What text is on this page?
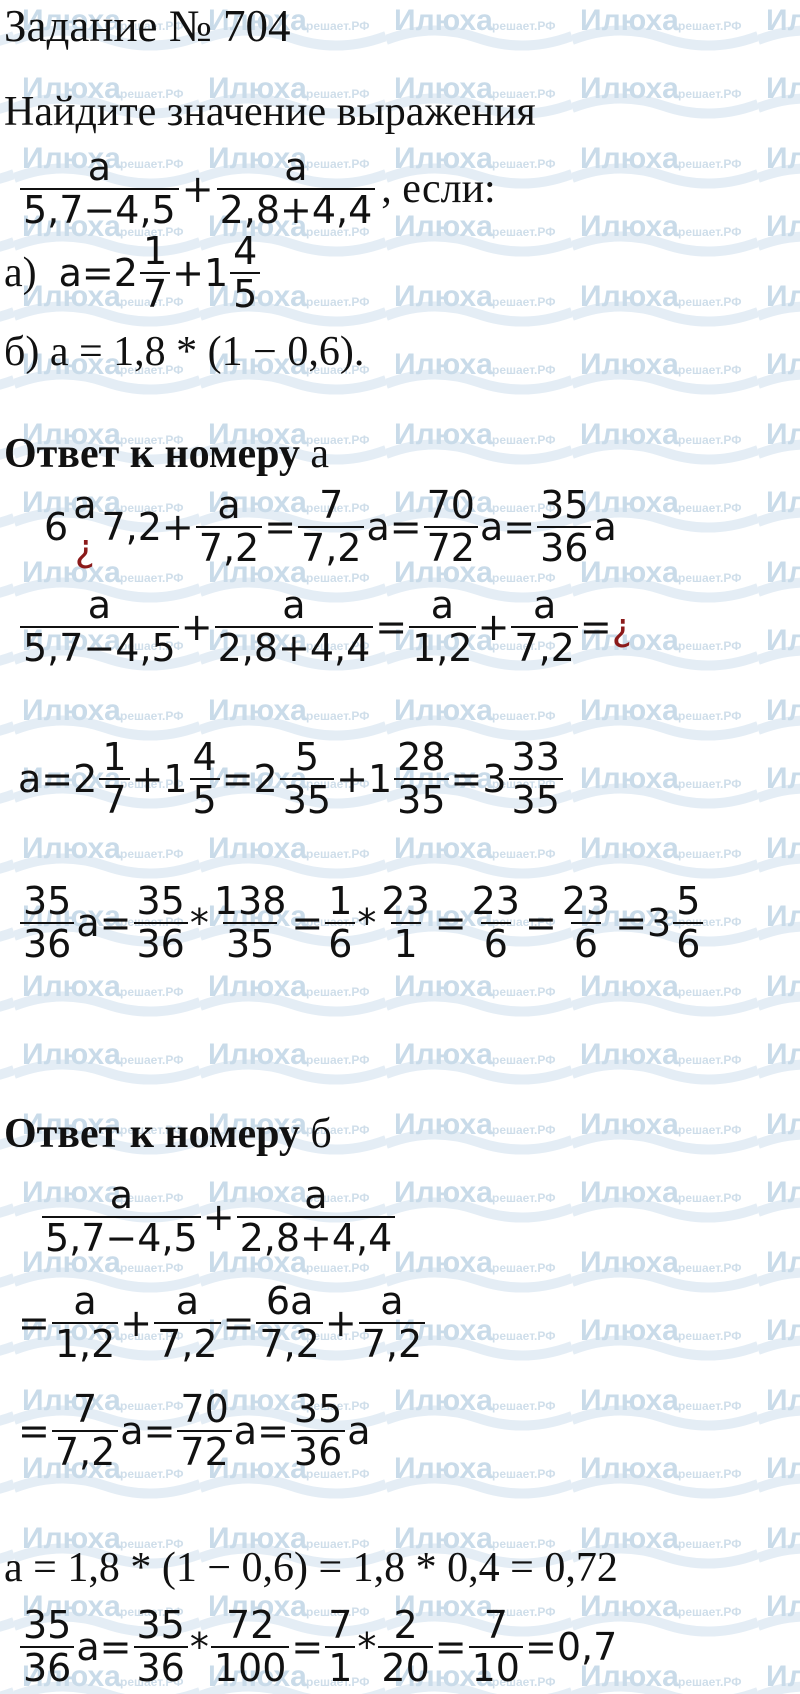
Задание № 704
Найдите значение выражения
$\frac{a}{5,7-4,5} + \frac{a}{2,8+4,4}$ , если:
а) $a=2 \frac{1}{7} +1 \frac{4}{5}$
б) a = 1,8 * (1 − 0,6).
Ответ к номеру а
6
a
¿ $7,2+ \frac{a}{7,2} = \frac{7}{7,2} a= \frac{70}{72} a= \frac{35}{36}$ a
$\frac{a}{5,7-4,5} + \frac{a}{2,8+4,4} = \frac{a}{1,2} + \frac{a}{7,2}$ = ¿
$a=2 \frac{1}{7} +1 \frac{4}{5} =2 \frac{5}{35} +1 \frac{28}{35} =3 \frac{33}{35}$
$\frac{35}{36} a= \frac{35}{36} * \frac{138}{35} = \frac{1}{6} * \frac{23}{1} = \frac{23}{6} = \frac{23}{6} =3 \frac{5}{6}$
Ответ к номеру б
$\frac{a}{5,7-4,5} + \frac{a}{2,8+4,4}$
= $\frac{a}{1,2} + \frac{a}{7,2} = \frac{6a}{7,2} + \frac{a}{7,2}$
= $\frac{7}{7,2} a= \frac{70}{72} a= \frac{35}{36}$ a
a = 1,8 * (1 − 0,6) = 1,8 * 0,4 = 0,72
$\frac{35}{36} a= \frac{35}{36} * \frac{72}{100} = \frac{7}{1} * \frac{2}{20} = \frac{7}{10} =0,7$
